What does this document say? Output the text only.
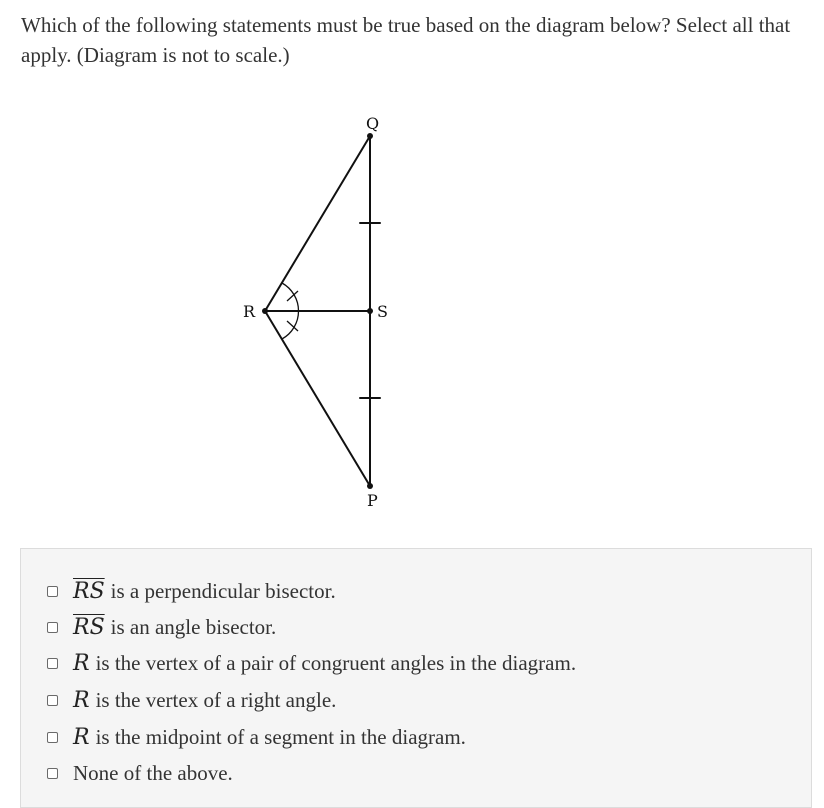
Which of the following statements must be true based on the diagram below? Select all that apply. (Diagram is not to scale.)

Q
R	S
P
$\overline{RS}$ is a perpendicular bisector.
$\overline{RS}$ is an angle bisector.
R is the vertex of a pair of congruent angles in the diagram.
R is the vertex of a right angle.
R is the midpoint of a segment in the diagram.
None of the above.
